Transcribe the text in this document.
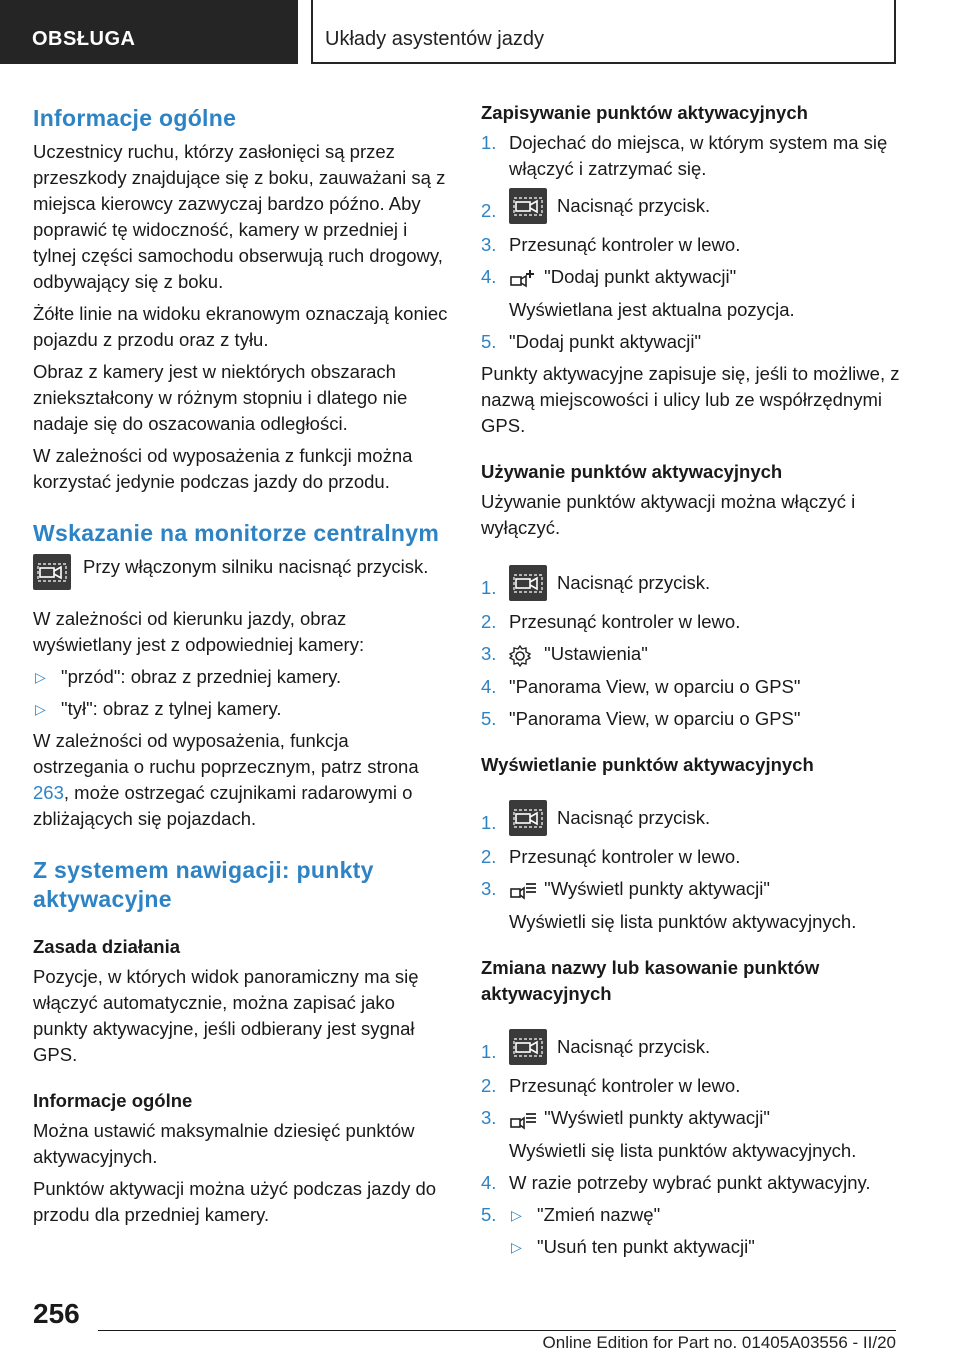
OBSŁUGA	Układy asystentów jazdy
Informacje ogólne

Uczestnicy ruchu, którzy zasłonięci są przez przeszkody znajdujące się z boku, zauważani są z miejsca kierowcy zazwyczaj bardzo późno. Aby poprawić tę widoczność, kamery w przedniej i tylnej części samochodu obserwują ruch drogowy, odbywający się z boku.

Żółte linie na widoku ekranowym oznaczają koniec pojazdu z przodu oraz z tyłu.

Obraz z kamery jest w niektórych obszarach zniekształcony w różnym stopniu i dlatego nie nadaje się do oszacowania odległości.

W zależności od wyposażenia z funkcji można korzystać jedynie podczas jazdy do przodu.

Wskazanie na monitorze centralnym
Przy włączonym silniku nacisnąć przycisk.

W zależności od kierunku jazdy, obraz wyświetlany jest z odpowiedniej kamery:

▷ "przód": obraz z przedniej kamery.
▷ "tył": obraz z tylnej kamery.

W zależności od wyposażenia, funkcja ostrzegania o ruchu poprzecznym, patrz strona 263, może ostrzegać czujnikami radarowymi o zbliżających się pojazdach.

Z systemem nawigacji: punkty aktywacyjne
Zasada działania

Pozycje, w których widok panoramiczny ma się włączyć automatycznie, można zapisać jako punkty aktywacyjne, jeśli odbierany jest sygnał GPS.

Informacje ogólne

Można ustawić maksymalnie dziesięć punktów aktywacyjnych.

Punktów aktywacji można użyć podczas jazdy do przodu dla przedniej kamery.

Zapisywanie punktów aktywacyjnych
1. Dojechać do miejsca, w którym system ma się włączyć i zatrzymać się.
2.	Nacisnąć przycisk.
3. Przesunąć kontroler w lewo.
4.	"Dodaj punkt aktywacji"
Wyświetlana jest aktualna pozycja.
5. "Dodaj punkt aktywacji"

Punkty aktywacyjne zapisuje się, jeśli to możliwe, z nazwą miejscowości i ulicy lub ze współrzędnymi GPS.

Używanie punktów aktywacyjnych

Używanie punktów aktywacji można włączyć i wyłączyć.

1.	Nacisnąć przycisk.
2. Przesunąć kontroler w lewo.
3.	"Ustawienia"
4. "Panorama View, w oparciu o GPS"
5. "Panorama View, w oparciu o GPS"
Wyświetlanie punktów aktywacyjnych
1.	Nacisnąć przycisk.
2. Przesunąć kontroler w lewo.
3.	"Wyświetl punkty aktywacji"
Wyświetli się lista punktów aktywacyjnych.
Zmiana nazwy lub kasowanie punktów aktywacyjnych
1.	Nacisnąć przycisk.
2. Przesunąć kontroler w lewo.
3.	"Wyświetl punkty aktywacji"
Wyświetli się lista punktów aktywacyjnych.
4. W razie potrzeby wybrać punkt aktywacyjny.
5. ▷ "Zmień nazwę"
▷ "Usuń ten punkt aktywacji"
256
Online Edition for Part no. 01405A03556 - II/20
